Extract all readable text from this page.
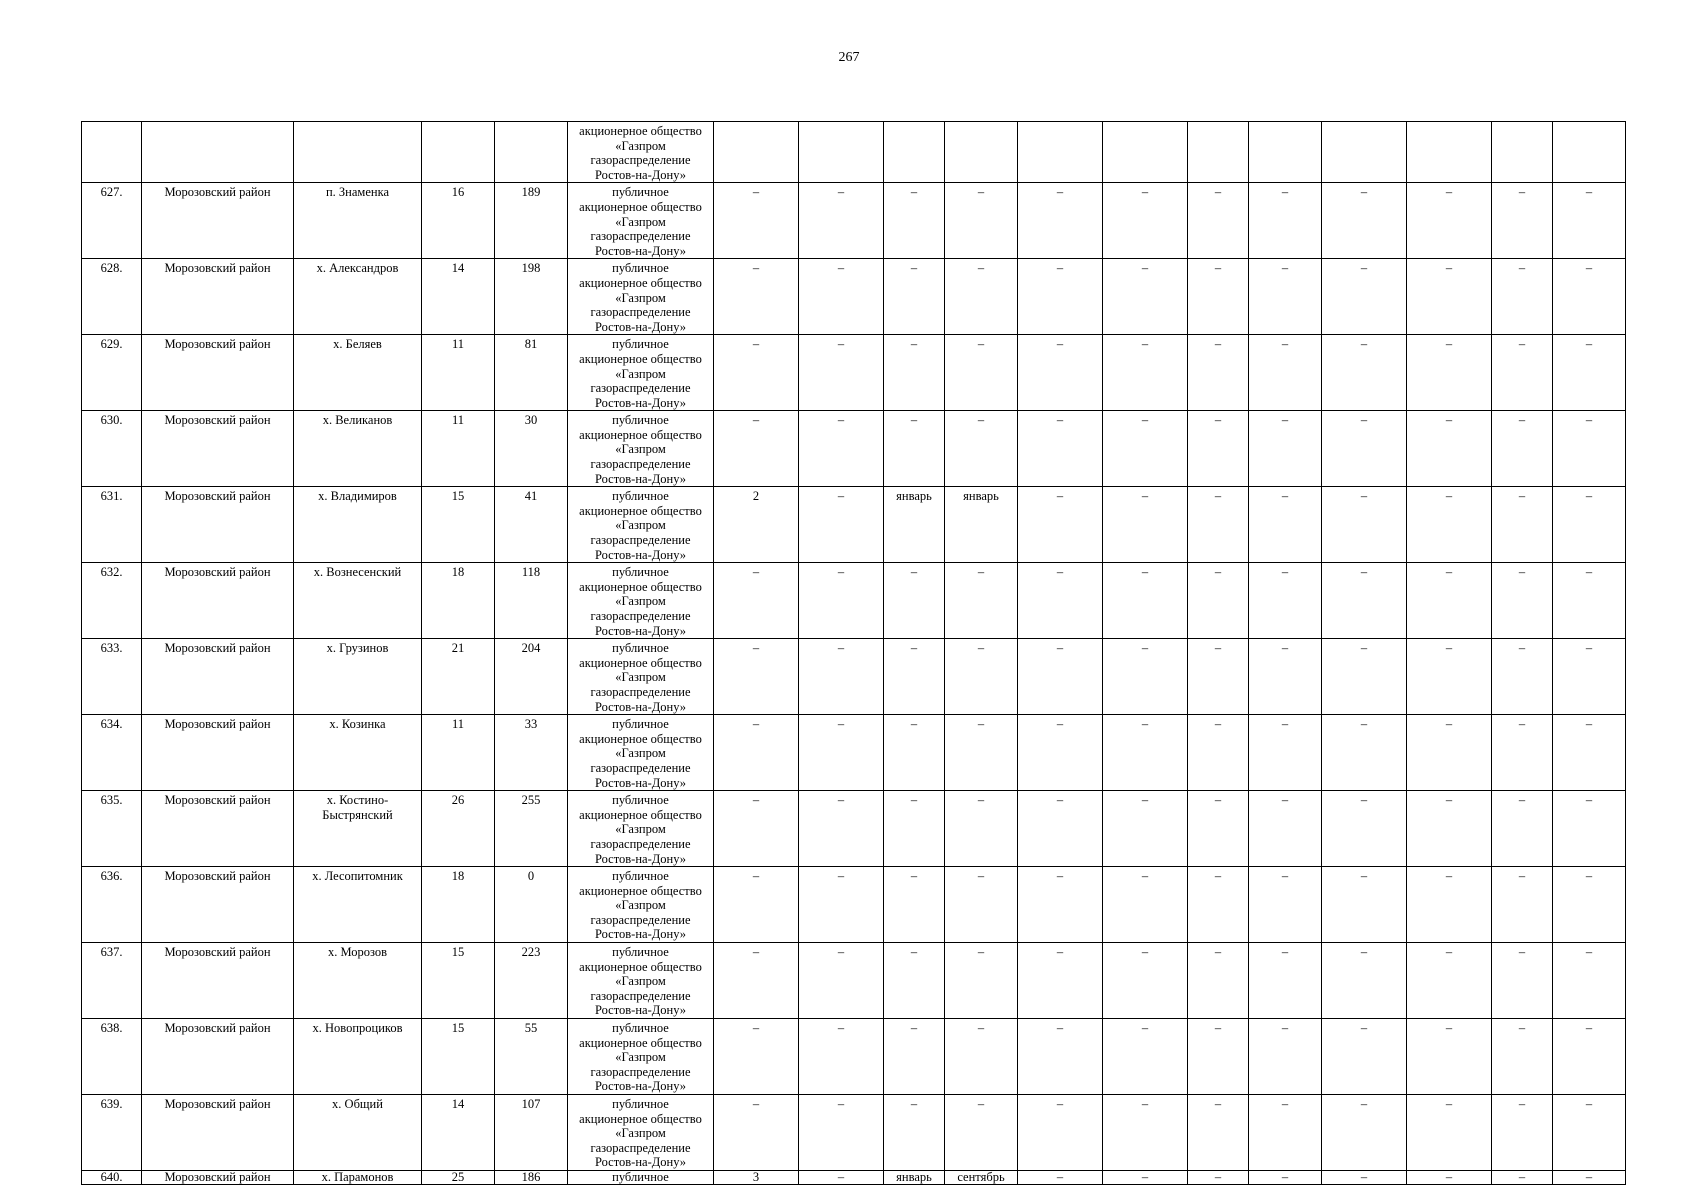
267
					акционерное общество
«Газпром
газораспределение
Ростов-на-Дону»												
627.	Морозовский район	п. Знаменка	16	189	публичное
акционерное общество
«Газпром
газораспределение
Ростов-на-Дону»	–	–	–	–	–	–	–	–	–	–	–	–
628.	Морозовский район	х. Александров	14	198	публичное
акционерное общество
«Газпром
газораспределение
Ростов-на-Дону»	–	–	–	–	–	–	–	–	–	–	–	–
629.	Морозовский район	х. Беляев	11	81	публичное
акционерное общество
«Газпром
газораспределение
Ростов-на-Дону»	–	–	–	–	–	–	–	–	–	–	–	–
630.	Морозовский район	х. Великанов	11	30	публичное
акционерное общество
«Газпром
газораспределение
Ростов-на-Дону»	–	–	–	–	–	–	–	–	–	–	–	–
631.	Морозовский район	х. Владимиров	15	41	публичное
акционерное общество
«Газпром
газораспределение
Ростов-на-Дону»	2	–	январь	январь	–	–	–	–	–	–	–	–
632.	Морозовский район	х. Вознесенский	18	118	публичное
акционерное общество
«Газпром
газораспределение
Ростов-на-Дону»	–	–	–	–	–	–	–	–	–	–	–	–
633.	Морозовский район	х. Грузинов	21	204	публичное
акционерное общество
«Газпром
газораспределение
Ростов-на-Дону»	–	–	–	–	–	–	–	–	–	–	–	–
634.	Морозовский район	х. Козинка	11	33	публичное
акционерное общество
«Газпром
газораспределение
Ростов-на-Дону»	–	–	–	–	–	–	–	–	–	–	–	–
635.	Морозовский район	х. Костино-
Быстрянский	26	255	публичное
акционерное общество
«Газпром
газораспределение
Ростов-на-Дону»	–	–	–	–	–	–	–	–	–	–	–	–
636.	Морозовский район	х. Лесопитомник	18	0	публичное
акционерное общество
«Газпром
газораспределение
Ростов-на-Дону»	–	–	–	–	–	–	–	–	–	–	–	–
637.	Морозовский район	х. Морозов	15	223	публичное
акционерное общество
«Газпром
газораспределение
Ростов-на-Дону»	–	–	–	–	–	–	–	–	–	–	–	–
638.	Морозовский район	х. Новопроциков	15	55	публичное
акционерное общество
«Газпром
газораспределение
Ростов-на-Дону»	–	–	–	–	–	–	–	–	–	–	–	–
639.	Морозовский район	х. Общий	14	107	публичное
акционерное общество
«Газпром
газораспределение
Ростов-на-Дону»	–	–	–	–	–	–	–	–	–	–	–	–
640.	Морозовский район	х. Парамонов	25	186	публичное	3	–	январь	сентябрь	–	–	–	–	–	–	–	–
